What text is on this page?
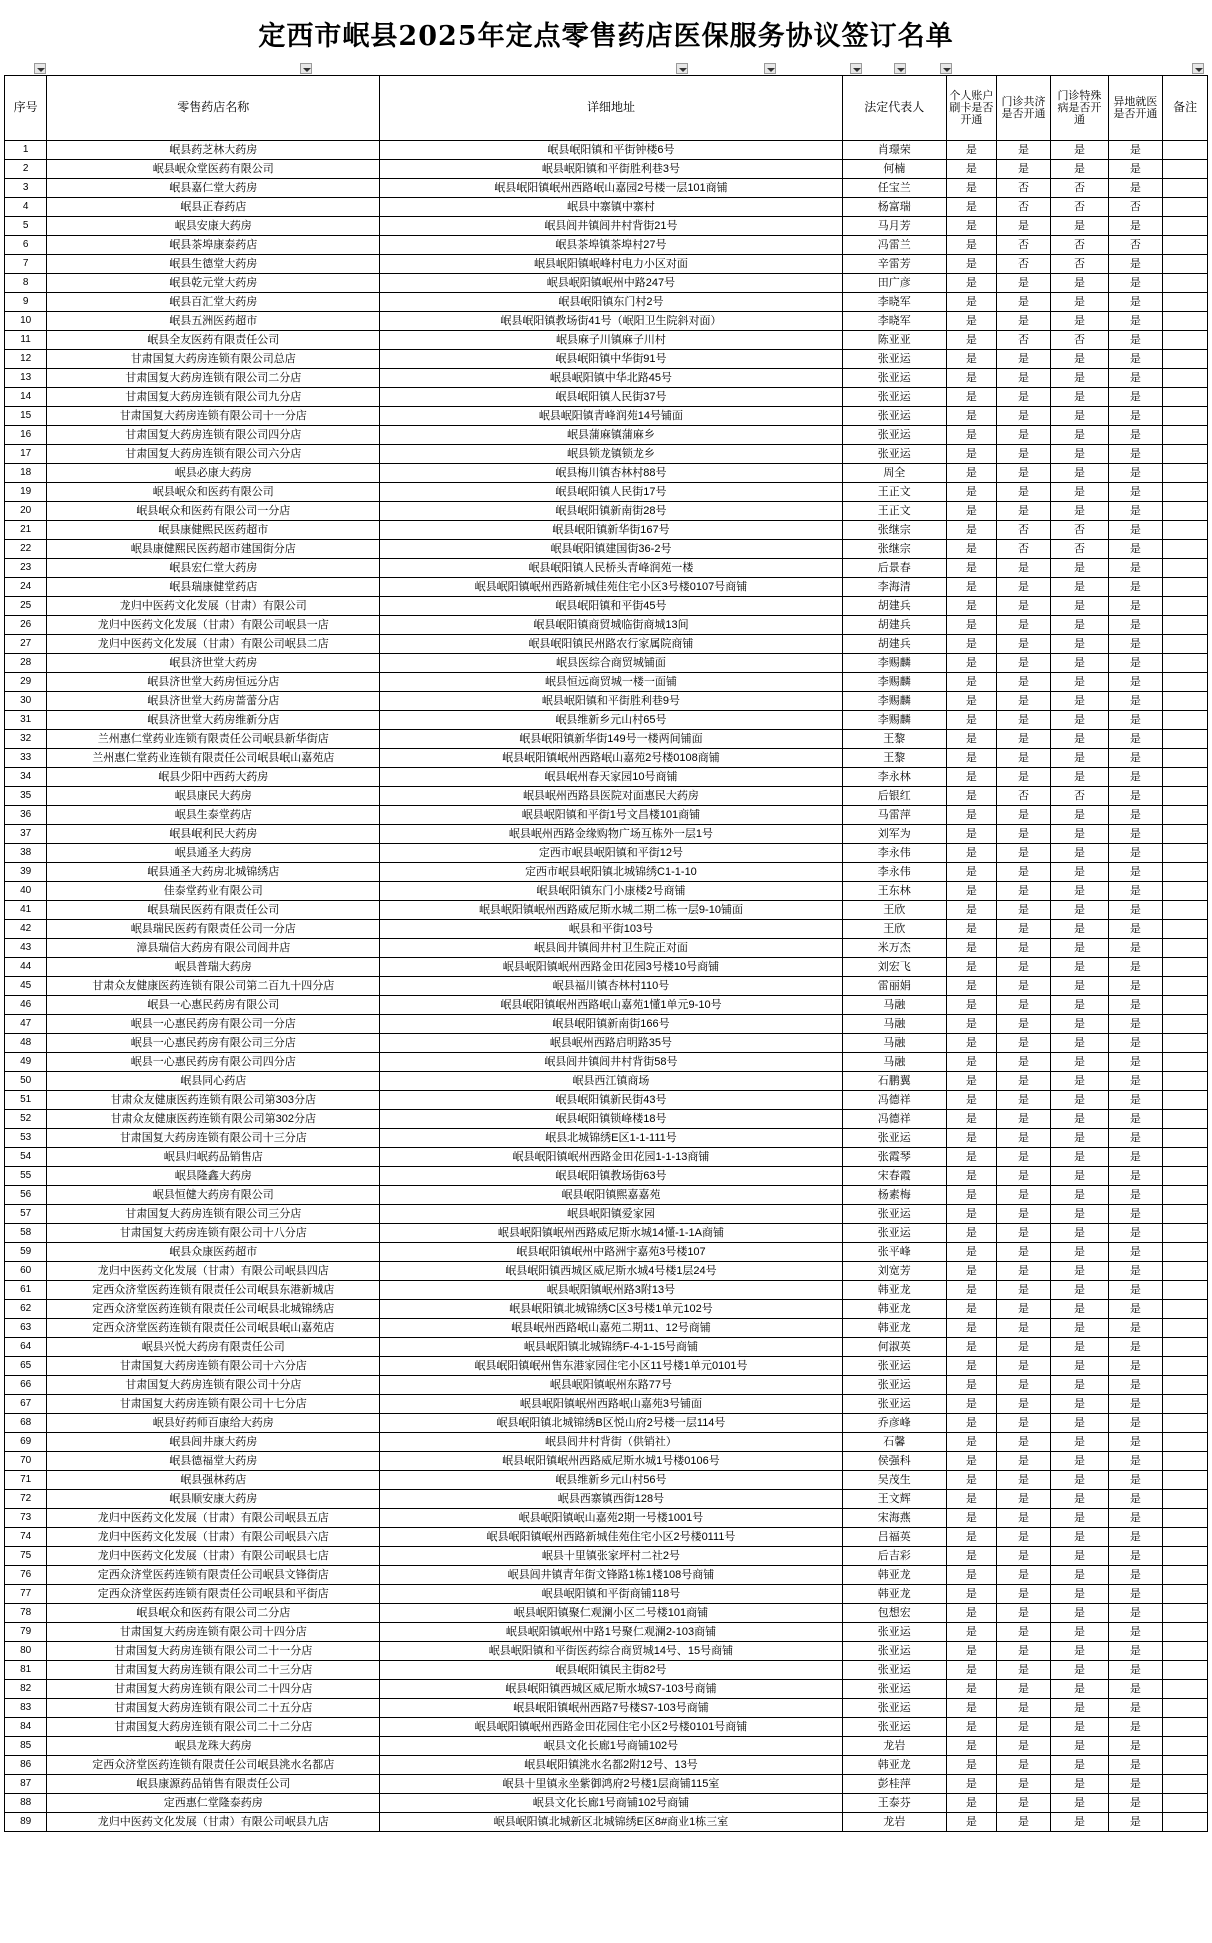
定西市岷县2025年定点零售药店医保服务协议签订名单
序号	零售药店名称	详细地址	法定代表人	个人账户刷卡是否开通	门诊共济是否开通	门诊特殊病是否开通	异地就医是否开通	备注
1	岷县药芝林大药房	岷县岷阳镇和平街钟楼6号	肖璟荣	是	是	是	是	
2	岷县岷众堂医药有限公司	岷县岷阳镇和平街胜利巷3号	何楠	是	是	是	是	
3	岷县嘉仁堂大药房	岷县岷阳镇岷州西路岷山嘉园2号楼一层101商铺	任宝兰	是	否	否	是	
4	岷县正春药店	岷县中寨镇中寨村	杨富瑞	是	否	否	否	
5	岷县安康大药房	岷县闾井镇闾井村背街21号	马月芳	是	是	是	是	
6	岷县茶埠康泰药店	岷县茶埠镇茶埠村27号	冯雷兰	是	否	否	否	
7	岷县生德堂大药房	岷县岷阳镇岷峰村电力小区对面	辛雷芳	是	否	否	是	
8	岷县乾元堂大药房	岷县岷阳镇岷州中路247号	田广彦	是	是	是	是	
9	岷县百汇堂大药房	岷县岷阳镇东门村2号	李晓军	是	是	是	是	
10	岷县五洲医药超市	岷县岷阳镇教场街41号（岷阳卫生院斜对面）	李晓军	是	是	是	是	
11	岷县全友医药有限责任公司	岷县麻子川镇麻子川村	陈亚亚	是	否	否	是	
12	甘肃国复大药房连锁有限公司总店	岷县岷阳镇中华街91号	张亚运	是	是	是	是	
13	甘肃国复大药房连锁有限公司二分店	岷县岷阳镇中华北路45号	张亚运	是	是	是	是	
14	甘肃国复大药房连锁有限公司九分店	岷县岷阳镇人民街37号	张亚运	是	是	是	是	
15	甘肃国复大药房连锁有限公司十一分店	岷县岷阳镇青峰润苑14号铺面	张亚运	是	是	是	是	
16	甘肃国复大药房连锁有限公司四分店	岷县蒲麻镇蒲麻乡	张亚运	是	是	是	是	
17	甘肃国复大药房连锁有限公司六分店	岷县锁龙镇锁龙乡	张亚运	是	是	是	是	
18	岷县必康大药房	岷县梅川镇杏林村88号	周全	是	是	是	是	
19	岷县岷众和医药有限公司	岷县岷阳镇人民街17号	王正文	是	是	是	是	
20	岷县岷众和医药有限公司一分店	岷县岷阳镇新南街28号	王正文	是	是	是	是	
21	岷县康健熙民医药超市	岷县岷阳镇新华街167号	张继宗	是	否	否	是	
22	岷县康健熙民医药超市建国街分店	岷县岷阳镇建国街36-2号	张继宗	是	否	否	是	
23	岷县宏仁堂大药房	岷县岷阳镇人民桥头青峰润苑一楼	后景春	是	是	是	是	
24	岷县瑞康健堂药店	岷县岷阳镇岷州西路新城佳苑住宅小区3号楼0107号商铺	李海清	是	是	是	是	
25	龙归中医药文化发展（甘肃）有限公司	岷县岷阳镇和平街45号	胡建兵	是	是	是	是	
26	龙归中医药文化发展（甘肃）有限公司岷县一店	岷县岷阳镇商贸城临街商城13间	胡建兵	是	是	是	是	
27	龙归中医药文化发展（甘肃）有限公司岷县二店	岷县岷阳镇民州路农行家属院商铺	胡建兵	是	是	是	是	
28	岷县济世堂大药房	岷县医综合商贸城铺面	李赐麟	是	是	是	是	
29	岷县济世堂大药房恒远分店	岷县恒远商贸城一楼一面铺	李赐麟	是	是	是	是	
30	岷县济世堂大药房蔷蕾分店	岷县岷阳镇和平街胜利巷9号	李赐麟	是	是	是	是	
31	岷县济世堂大药房维新分店	岷县维新乡元山村65号	李赐麟	是	是	是	是	
32	兰州惠仁堂药业连锁有限责任公司岷县新华街店	岷县岷阳镇新华街149号一楼两间铺面	王黎	是	是	是	是	
33	兰州惠仁堂药业连锁有限责任公司岷县岷山嘉苑店	岷县岷阳镇岷州西路岷山嘉苑2号楼0108商铺	王黎	是	是	是	是	
34	岷县少阳中西药大药房	岷县岷州春天家园10号商铺	李永林	是	是	是	是	
35	岷县康民大药房	岷县岷州西路县医院对面惠民大药房	后银红	是	否	否	是	
36	岷县生泰堂药店	岷县岷阳镇和平街1号文昌楼101商铺	马雷萍	是	是	是	是	
37	岷县岷利民大药房	岷县岷州西路金缘购物广场互栋外一层1号	刘军为	是	是	是	是	
38	岷县通圣大药房	定西市岷县岷阳镇和平街12号	李永伟	是	是	是	是	
39	岷县通圣大药房北城锦绣店	定西市岷县岷阳镇北城锦绣C1-1-10	李永伟	是	是	是	是	
40	佳泰堂药业有限公司	岷县岷阳镇东门小康楼2号商铺	王东林	是	是	是	是	
41	岷县瑞民医药有限责任公司	岷县岷阳镇岷州西路威尼斯水城二期二栋一层9-10铺面	王欣	是	是	是	是	
42	岷县瑞民医药有限责任公司一分店	岷县和平街103号	王欣	是	是	是	是	
43	漳县瑞信大药房有限公司闾井店	岷县闾井镇闾井村卫生院正对面	米万杰	是	是	是	是	
44	岷县普瑞大药房	岷县岷阳镇岷州西路金田花园3号楼10号商铺	刘宏飞	是	是	是	是	
45	甘肃众友健康医药连锁有限公司第二百九十四分店	岷县福川镇杏林村110号	雷丽娟	是	是	是	是	
46	岷县一心惠民药房有限公司	岷县岷阳镇岷州西路岷山嘉苑1懂1单元9-10号	马融	是	是	是	是	
47	岷县一心惠民药房有限公司一分店	岷县岷阳镇新南街166号	马融	是	是	是	是	
48	岷县一心惠民药房有限公司三分店	岷县岷州西路启明路35号	马融	是	是	是	是	
49	岷县一心惠民药房有限公司四分店	岷县闾井镇闾井村背街58号	马融	是	是	是	是	
50	岷县同心药店	岷县西江镇商场	石鹏翼	是	是	是	是	
51	甘肃众友健康医药连锁有限公司第303分店	岷县岷阳镇新民街43号	冯德祥	是	是	是	是	
52	甘肃众友健康医药连锁有限公司第302分店	岷县岷阳镇锁峰楼18号	冯德祥	是	是	是	是	
53	甘肃国复大药房连锁有限公司十三分店	岷县北城锦绣E区1-1-111号	张亚运	是	是	是	是	
54	岷县归岷药品销售店	岷县岷阳镇岷州西路金田花园1-1-13商铺	张霞琴	是	是	是	是	
55	岷县隆鑫大药房	岷县岷阳镇教场街63号	宋春霞	是	是	是	是	
56	岷县恒健大药房有限公司	岷县岷阳镇熙嘉嘉苑	杨素梅	是	是	是	是	
57	甘肃国复大药房连锁有限公司三分店	岷县岷阳镇爱家园	张亚运	是	是	是	是	
58	甘肃国复大药房连锁有限公司十八分店	岷县岷阳镇岷州西路威尼斯水城14懂-1-1A商铺	张亚运	是	是	是	是	
59	岷县众康医药超市	岷县岷阳镇岷州中路洲宇嘉苑3号楼107	张平峰	是	是	是	是	
60	龙归中医药文化发展（甘肃）有限公司岷县四店	岷县岷阳镇西城区威尼斯水城4号楼1层24号	刘宽芳	是	是	是	是	
61	定西众济堂医药连锁有限责任公司岷县东港新城店	岷县岷阳镇岷州路3附13号	韩亚龙	是	是	是	是	
62	定西众济堂医药连锁有限责任公司岷县北城锦绣店	岷县岷阳镇北城锦绣C区3号楼1单元102号	韩亚龙	是	是	是	是	
63	定西众济堂医药连锁有限责任公司岷县岷山嘉苑店	岷县岷州西路岷山嘉苑二期11、12号商铺	韩亚龙	是	是	是	是	
64	岷县兴悦大药房有限责任公司	岷县岷阳镇北城锦绣F-4-1-15号商铺	何淑英	是	是	是	是	
65	甘肃国复大药房连锁有限公司十六分店	岷县岷阳镇岷州售东港家园住宅小区11号楼1单元0101号	张亚运	是	是	是	是	
66	甘肃国复大药房连锁有限公司十分店	岷县岷阳镇岷州东路77号	张亚运	是	是	是	是	
67	甘肃国复大药房连锁有限公司十七分店	岷县岷阳镇岷州西路岷山嘉苑3号铺面	张亚运	是	是	是	是	
68	岷县好药师百康给大药房	岷县岷阳镇北城锦绣B区悦山府2号楼一层114号	乔彦峰	是	是	是	是	
69	岷县闾井康大药房	岷县闾井村背街（供销社）	石馨	是	是	是	是	
70	岷县德福堂大药房	岷县岷阳镇岷州西路威尼斯水城1号楼0106号	侯强科	是	是	是	是	
71	岷县强林药店	岷县维新乡元山村56号	吴茂生	是	是	是	是	
72	岷县顺安康大药房	岷县西寨镇西街128号	王文辉	是	是	是	是	
73	龙归中医药文化发展（甘肃）有限公司岷县五店	岷县岷阳镇岷山嘉苑2期一号楼1001号	宋海燕	是	是	是	是	
74	龙归中医药文化发展（甘肃）有限公司岷县六店	岷县岷阳镇岷州西路新城佳苑住宅小区2号楼0111号	吕福英	是	是	是	是	
75	龙归中医药文化发展（甘肃）有限公司岷县七店	岷县十里镇张家坪村二社2号	后吉彩	是	是	是	是	
76	定西众济堂医药连锁有限责任公司岷县文锋街店	岷县闾井镇青年街文锋路1栋1楼108号商铺	韩亚龙	是	是	是	是	
77	定西众济堂医药连锁有限责任公司岷县和平街店	岷县岷阳镇和平街商铺118号	韩亚龙	是	是	是	是	
78	岷县岷众和医药有限公司二分店	岷县岷阳镇聚仁观澜小区二号楼101商铺	包想宏	是	是	是	是	
79	甘肃国复大药房连锁有限公司十四分店	岷县岷阳镇岷州中路1号聚仁观澜2-103商铺	张亚运	是	是	是	是	
80	甘肃国复大药房连锁有限公司二十一分店	岷县岷阳镇和平街医药综合商贸城14号、15号商铺	张亚运	是	是	是	是	
81	甘肃国复大药房连锁有限公司二十三分店	岷县岷阳镇民主街82号	张亚运	是	是	是	是	
82	甘肃国复大药房连锁有限公司二十四分店	岷县岷阳镇西城区威尼斯水城S7-103号商铺	张亚运	是	是	是	是	
83	甘肃国复大药房连锁有限公司二十五分店	岷县岷阳镇岷州西路7号楼S7-103号商铺	张亚运	是	是	是	是	
84	甘肃国复大药房连锁有限公司二十二分店	岷县岷阳镇岷州西路金田花园住宅小区2号楼0101号商铺	张亚运	是	是	是	是	
85	岷县龙珠大药房	岷县文化长廊1号商铺102号	龙岩	是	是	是	是	
86	定西众济堂医药连锁有限责任公司岷县洮水名都店	岷县岷阳镇洮水名都2附12号、13号	韩亚龙	是	是	是	是	
87	岷县康源药品销售有限责任公司	岷县十里镇永坐紫御鸿府2号楼1层商铺115室	彭桂萍	是	是	是	是	
88	定西惠仁堂隆泰药房	岷县文化长廊1号商铺102号商铺	王泰芬	是	是	是	是	
89	龙归中医药文化发展（甘肃）有限公司岷县九店	岷县岷阳镇北城新区北城锦绣E区8#商业1栋三室	龙岩	是	是	是	是	
